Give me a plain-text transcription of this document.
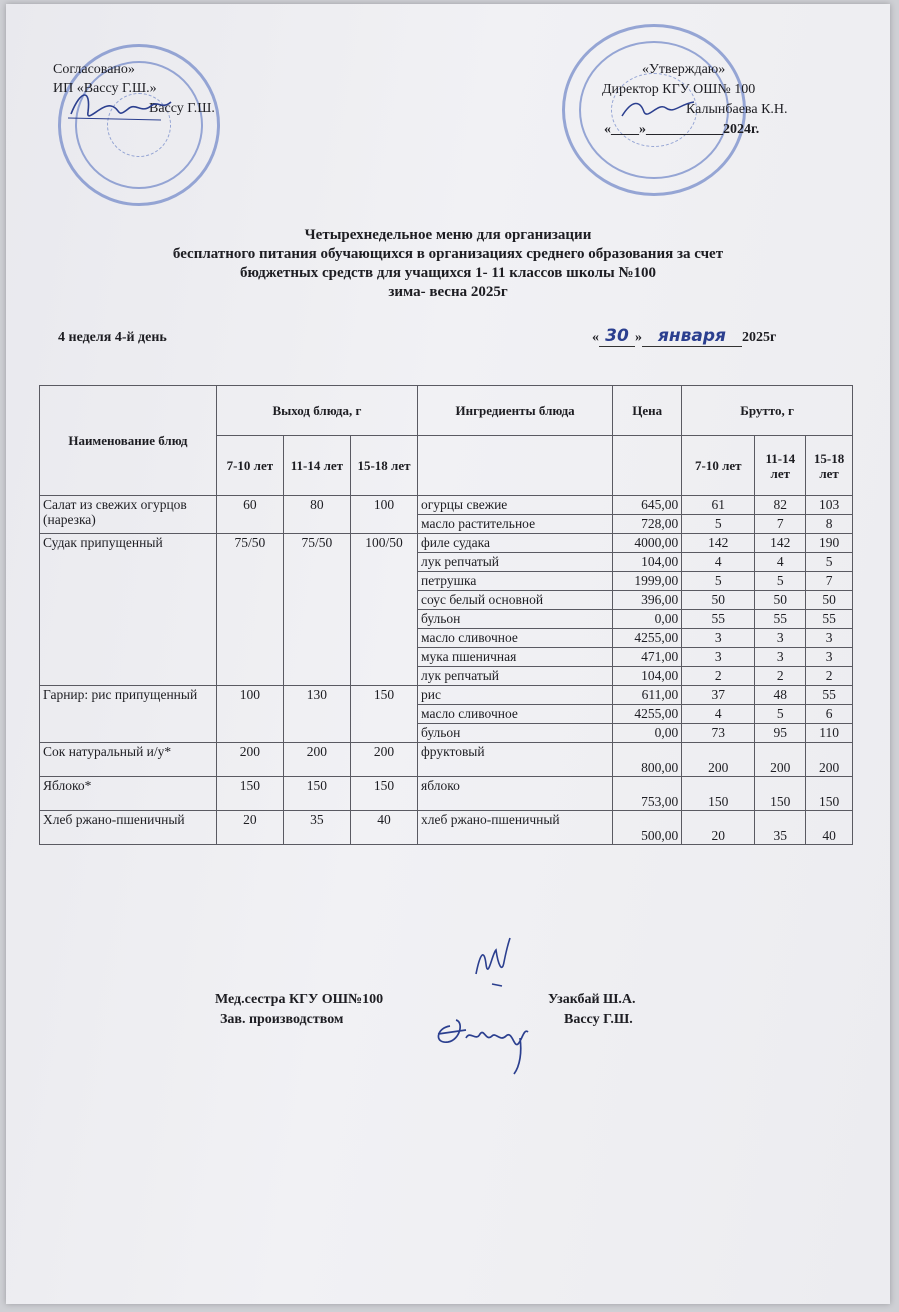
Согласовано»
ИП «Вассу Г.Ш.»
Вассу Г.Ш.
«Утверждаю»
Директор КГУ ОШ№ 100
Калынбаева К.Н.
«____»___________2024г.
Четырехнедельное меню для организации
бесплатного питания обучающихся в организациях среднего образования за счет
бюджетных средств для учащихся 1- 11 классов школы №100
зима- весна 2025г
4 неделя 4-й день	« 30 » января 2025г
Наименование блюд	Выход блюда, г			Ингредиенты блюда	Цена	Брутто, г		
	7-10 лет	11-14 лет	15-18 лет			7-10 лет	11-14 лет	15-18 лет
Салат из свежих огурцов (нарезка)	60	80	100	огурцы свежие	645,00	61	82	103
				масло растительное	728,00	5	7	8
Судак припущенный	75/50	75/50	100/50	филе судака	4000,00	142	142	190
				лук репчатый	104,00	4	4	5
				петрушка	1999,00	5	5	7
				соус белый основной	396,00	50	50	50
				бульон	0,00	55	55	55
				масло сливочное	4255,00	3	3	3
				мука пшеничная	471,00	3	3	3
				лук репчатый	104,00	2	2	2
Гарнир: рис припущенный	100	130	150	рис	611,00	37	48	55
				масло сливочное	4255,00	4	5	6
				бульон	0,00	73	95	110
Сок натуральный и/у*	200	200	200	фруктовый	800,00	200	200	200
Яблоко*	150	150	150	яблоко	753,00	150	150	150
Хлеб ржано-пшеничный	20	35	40	хлеб ржано-пшеничный	500,00	20	35	40
Мед.сестра КГУ ОШ№100
Зав. производством
Узакбай Ш.А.
Вассу Г.Ш.
